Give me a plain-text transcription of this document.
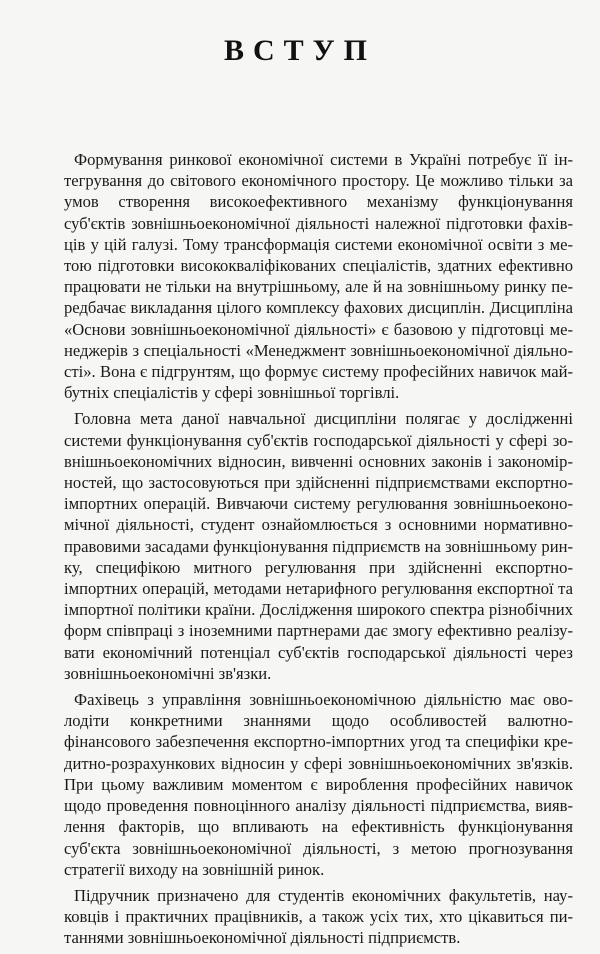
ВСТУП

Формування ринкової економічної системи в Україні потребує її ін-
тегрування до світового економічного простору. Це можливо тільки за
умов створення високоефективного механізму функціонування
суб'єктів зовнішньоекономічної діяльності належної підготовки фахів-
ців у цій галузі. Тому трансформація системи економічної освіти з ме-
тою підготовки висококваліфікованих спеціалістів, здатних ефективно
працювати не тільки на внутрішньому, але й на зовнішньому ринку пе-
редбачає викладання цілого комплексу фахових дисциплін. Дисципліна
«Основи зовнішньоекономічної діяльності» є базовою у підготовці ме-
неджерів з спеціальності «Менеджмент зовнішньоекономічної діяльно-
сті». Вона є підгрунтям, що формує систему професійних навичок май-
бутніх спеціалістів у сфері зовнішньої торгівлі.

Головна мета даної навчальної дисципліни полягає у дослідженні
системи функціонування суб'єктів господарської діяльності у сфері зо-
внішньоекономічних відносин, вивченні основних законів і закономір-
ностей, що застосовуються при здійсненні підприємствами експортно-
імпортних операцій. Вивчаючи систему регулювання зовнішньоеконо-
мічної діяльності, студент ознайомлюється з основними нормативно-
правовими засадами функціонування підприємств на зовнішньому рин-
ку, специфікою митного регулювання при здійсненні експортно-
імпортних операцій, методами нетарифного регулювання експортної та
імпортної політики країни. Дослідження широкого спектра різнобічних
форм співпраці з іноземними партнерами дає змогу ефективно реалізу-
вати економічний потенціал суб'єктів господарської діяльності через
зовнішньоекономічні зв'язки.

Фахівець з управління зовнішньоекономічною діяльністю має ово-
лодіти конкретними знаннями щодо особливостей валютно-
фінансового забезпечення експортно-імпортних угод та специфіки кре-
дитно-розрахункових відносин у сфері зовнішньоекономічних зв'язків.
При цьому важливим моментом є вироблення професійних навичок
щодо проведення повноцінного аналізу діяльності підприємства, вияв-
лення факторів, що впливають на ефективність функціонування
суб'єкта зовнішньоекономічної діяльності, з метою прогнозування
стратегії виходу на зовнішній ринок.

Підручник призначено для студентів економічних факультетів, нау-
ковців і практичних працівників, а також усіх тих, хто цікавиться пи-
таннями зовнішньоекономічної діяльності підприємств.
